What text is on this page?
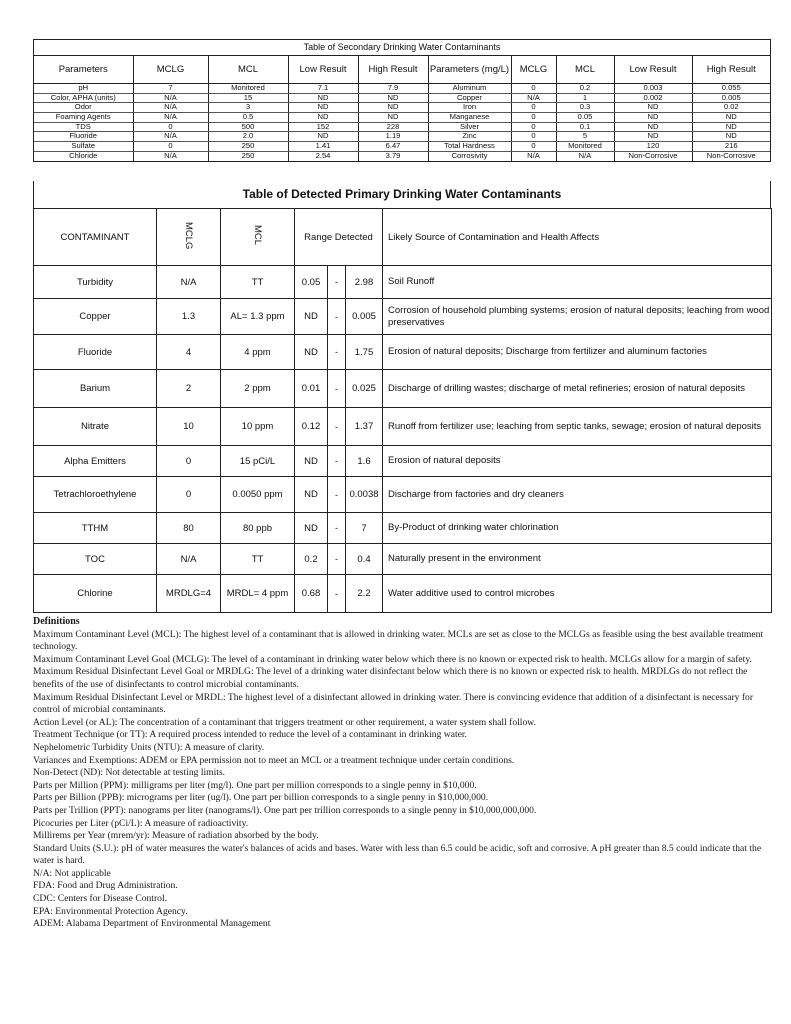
Table of Secondary Drinking Water Contaminants
Parameters	MCLG	MCL	Low Result	High Result	Parameters (mg/L)	MCLG	MCL	Low Result	High Result
pH	7	Monitored	7.1	7.9	Aluminum	0	0.2	0.003	0.055
Color, APHA (units)	N/A	15	ND	ND	Copper	N/A	1	0.002	0.005
Odor	N/A	3	ND	ND	Iron	0	0.3	ND	0.02
Foaming Agents	N/A	0.5	ND	ND	Manganese	0	0.05	ND	ND
TDS	0	500	152	228	Silver	0	0.1	ND	ND
Fluoride	N/A	2.0	ND	1.19	Zinc	0	5	ND	ND
Sulfate	0	250	1.41	6.47	Total Hardness	0	Monitored	120	216
Chloride	N/A	250	2.54	3.79	Corrosivity	N/A	N/A	Non-Corrosive	Non-Corrosive
Table of Detected Primary Drinking Water Contaminants
CONTAMINANT	MCLG	MCL	Range Detected			Likely Source of Contamination and Health Affects
Turbidity	N/A	TT	0.05	-	2.98	Soil Runoff
Copper	1.3	AL= 1.3 ppm	ND	-	0.005	Corrosion of household plumbing systems; erosion of natural deposits; leaching from wood preservatives
Fluoride	4	4 ppm	ND	-	1.75	Erosion of natural deposits; Discharge from fertilizer and aluminum factories
Barium	2	2 ppm	0.01	-	0.025	Discharge of drilling wastes; discharge of metal refineries; erosion of natural deposits
Nitrate	10	10 ppm	0.12	-	1.37	Runoff from fertilizer use; leaching from septic tanks, sewage; erosion of natural deposits
Alpha Emitters	0	15 pCi/L	ND	-	1.6	Erosion of natural deposits
Tetrachloroethylene	0	0.0050 ppm	ND	-	0.0038	Discharge from factories and dry cleaners
TTHM	80	80 ppb	ND	-	7	By-Product of drinking water chlorination
TOC	N/A	TT	0.2	-	0.4	Naturally present in the environment
Chlorine	MRDLG=4	MRDL= 4 ppm	0.68	-	2.2	Water additive used to control microbes
Definitions

Maximum Contaminant Level (MCL): The highest level of a contaminant that is allowed in drinking water. MCLs are set as close to the MCLGs as feasible using the best available treatment technology.

Maximum Contaminant Level Goal (MCLG): The level of a contaminant in drinking water below which there is no known or expected risk to health. MCLGs allow for a margin of safety.

Maximum Residual Disinfectant Level Goal or MRDLG: The level of a drinking water disinfectant below which there is no known or expected risk to health. MRDLGs do not reflect the benefits of the use of disinfectants to control microbial contaminants.

Maximum Residual Disinfectant Level or MRDL: The highest level of a disinfectant allowed in drinking water. There is convincing evidence that addition of a disinfectant is necessary for control of microbial contaminants.

Action Level (or AL): The concentration of a contaminant that triggers treatment or other requirement, a water system shall follow.

Treatment Technique (or TT): A required process intended to reduce the level of a contaminant in drinking water.

Nephelometric Turbidity Units (NTU): A measure of clarity.

Variances and Exemptions: ADEM or EPA permission not to meet an MCL or a treatment technique under certain conditions.

Non-Detect (ND): Not detectable at testing limits.

Parts per Million (PPM): milligrams per liter (mg/l). One part per million corresponds to a single penny in $10,000.

Parts per Billion (PPB): micrograms per liter (ug/l). One part per billion corresponds to a single penny in $10,000,000.

Parts per Trillion (PPT): nanograms per liter (nanograms/l). One part per trillion corresponds to a single penny in $10,000,000,000.

Picocuries per Liter (pCi/L): A measure of radioactivity.

Millirems per Year (mrem/yr): Measure of radiation absorbed by the body.

Standard Units (S.U.): pH of water measures the water's balances of acids and bases. Water with less than 6.5 could be acidic, soft and corrosive. A pH greater than 8.5 could indicate that the water is hard.

N/A: Not applicable

FDA: Food and Drug Administration.

CDC: Centers for Disease Control.

EPA: Environmental Protection Agency.

ADEM: Alabama Department of Environmental Management
